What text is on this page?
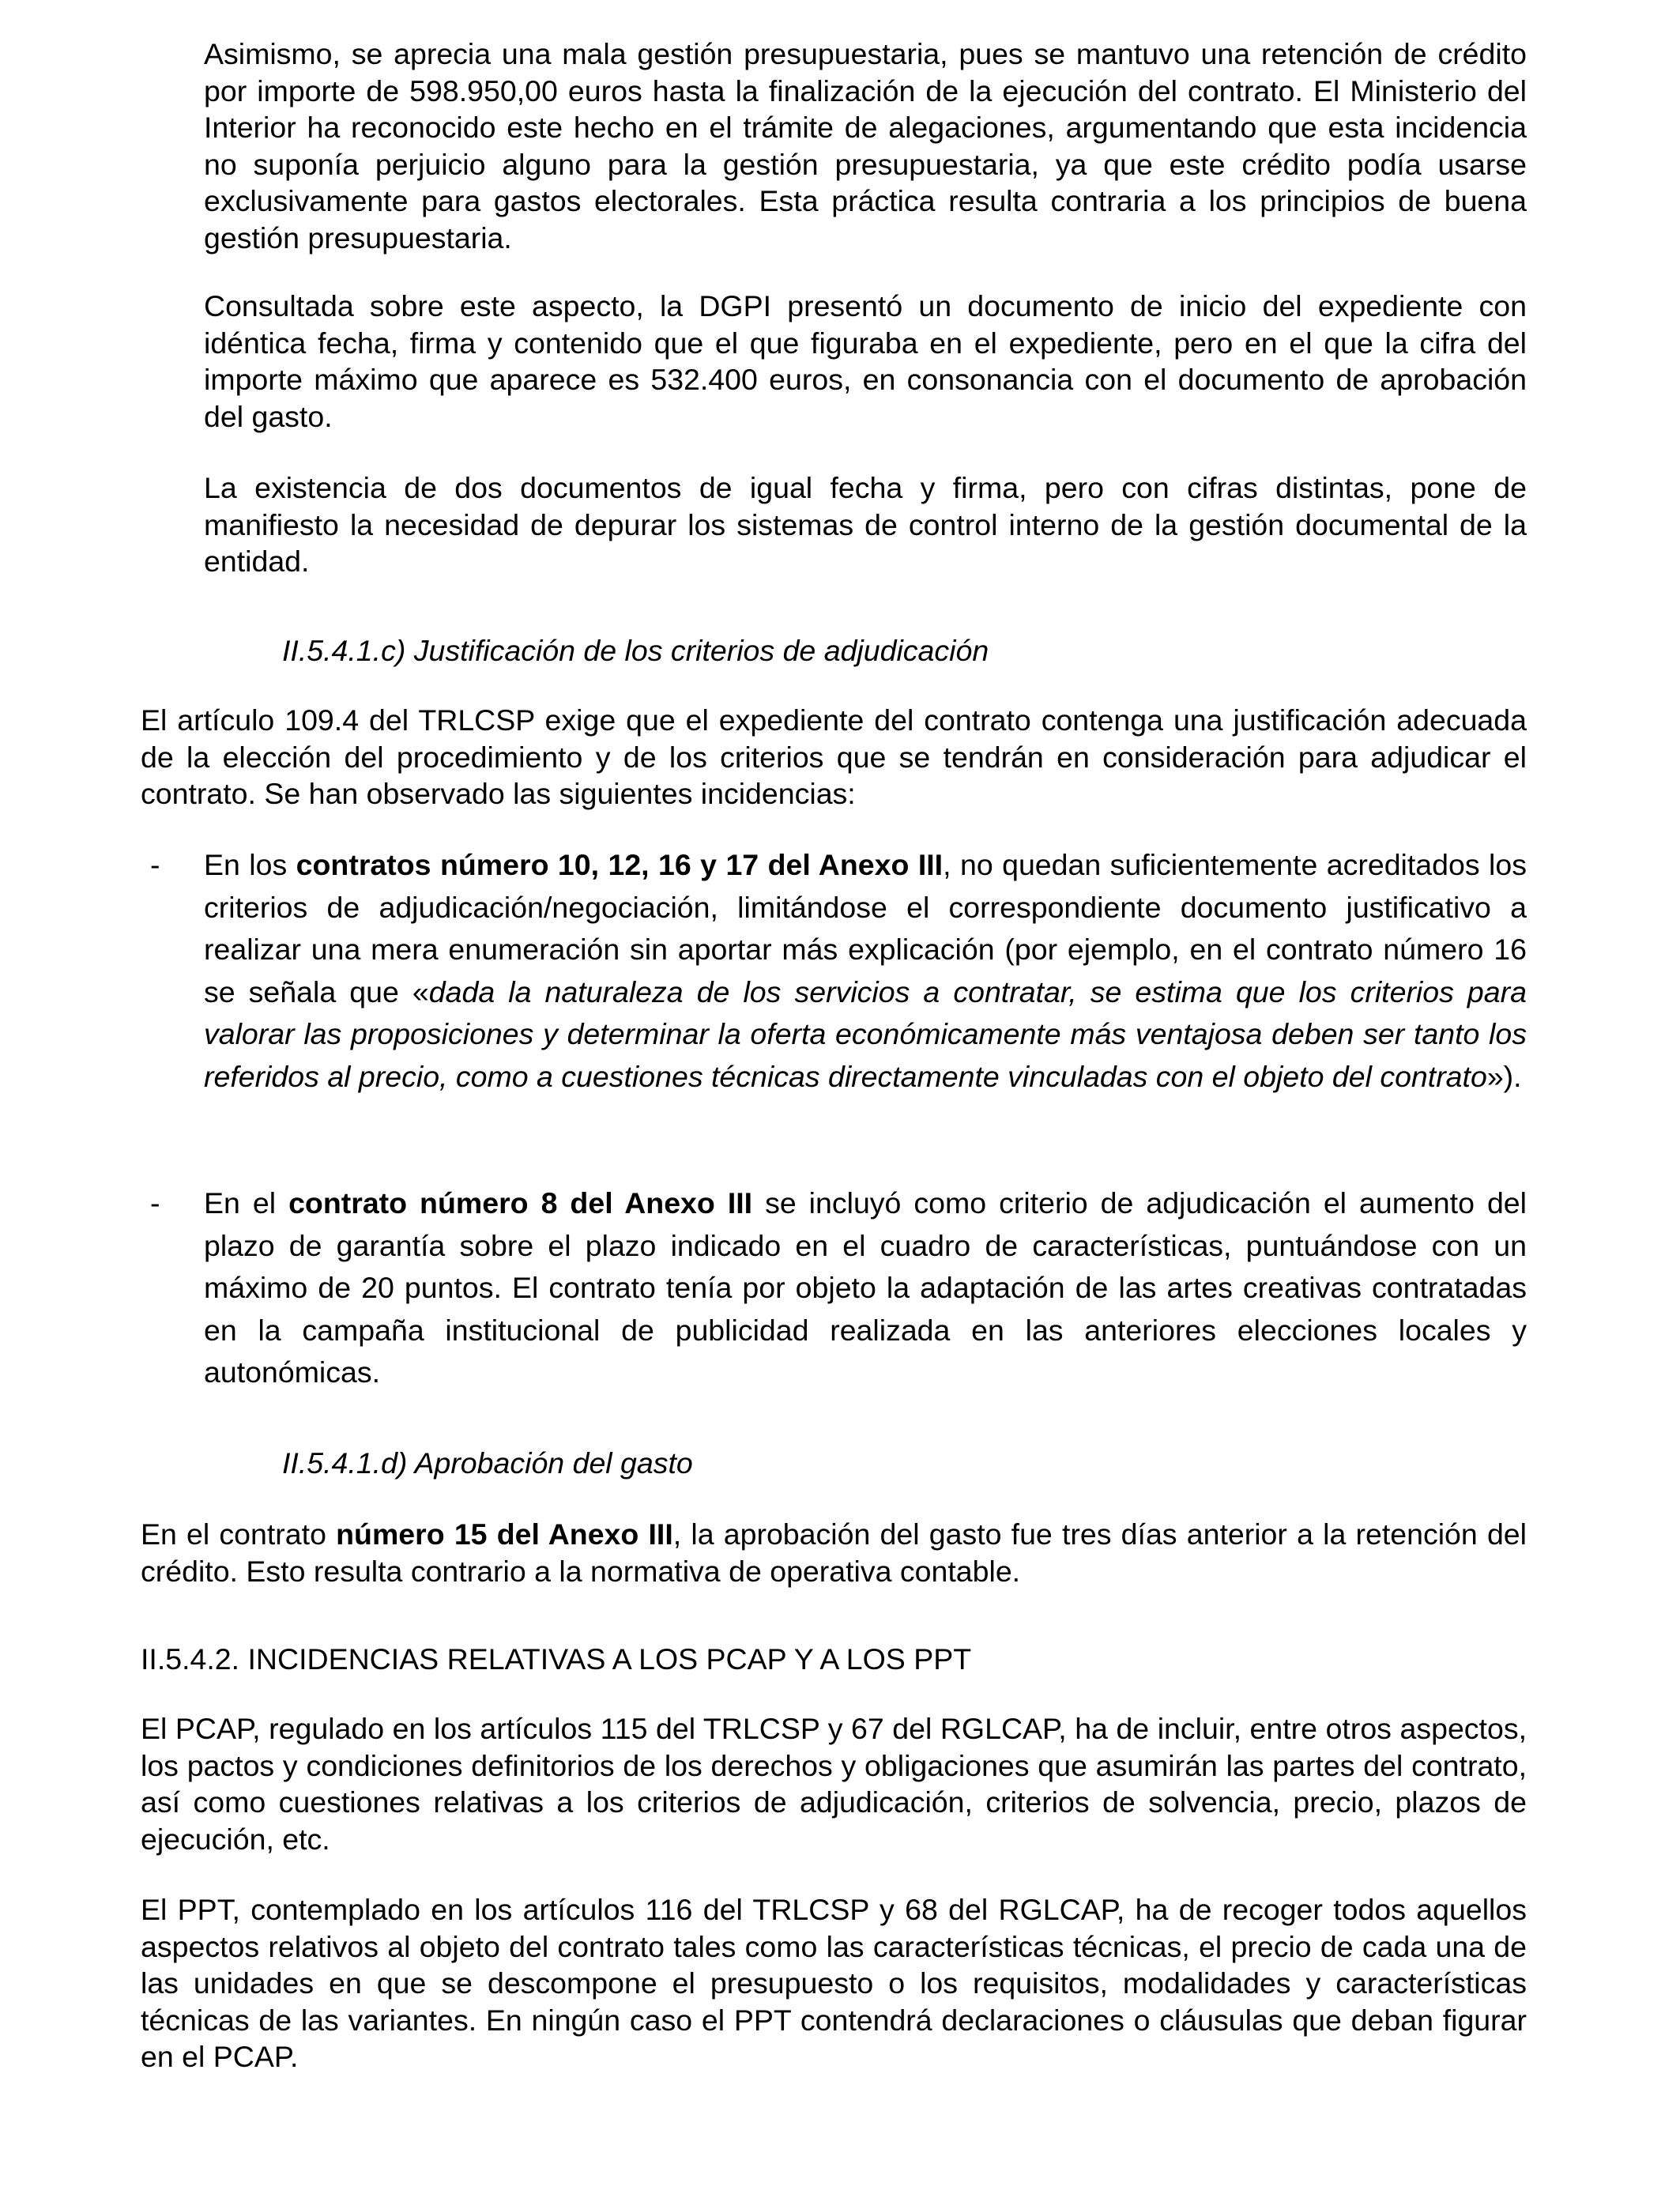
Asimismo, se aprecia una mala gestión presupuestaria, pues se mantuvo una retención de crédito por importe de 598.950,00 euros hasta la finalización de la ejecución del contrato. El Ministerio del Interior ha reconocido este hecho en el trámite de alegaciones, argumentando que esta incidencia no suponía perjuicio alguno para la gestión presupuestaria, ya que este crédito podía usarse exclusivamente para gastos electorales. Esta práctica resulta contraria a los principios de buena gestión presupuestaria.

Consultada sobre este aspecto, la DGPI presentó un documento de inicio del expediente con idéntica fecha, firma y contenido que el que figuraba en el expediente, pero en el que la cifra del importe máximo que aparece es 532.400 euros, en consonancia con el documento de aprobación del gasto.

La existencia de dos documentos de igual fecha y firma, pero con cifras distintas, pone de manifiesto la necesidad de depurar los sistemas de control interno de la gestión documental de la entidad.

II.5.4.1.c) Justificación de los criterios de adjudicación

El artículo 109.4 del TRLCSP exige que el expediente del contrato contenga una justificación adecuada de la elección del procedimiento y de los criterios que se tendrán en consideración para adjudicar el contrato. Se han observado las siguientes incidencias:

- En los contratos número 10, 12, 16 y 17 del Anexo III, no quedan suficientemente acreditados los criterios de adjudicación/negociación, limitándose el correspondiente documento justificativo a realizar una mera enumeración sin aportar más explicación (por ejemplo, en el contrato número 16 se señala que «dada la naturaleza de los servicios a contratar, se estima que los criterios para valorar las proposiciones y determinar la oferta económicamente más ventajosa deben ser tanto los referidos al precio, como a cuestiones técnicas directamente vinculadas con el objeto del contrato»).

- En el contrato número 8 del Anexo III se incluyó como criterio de adjudicación el aumento del plazo de garantía sobre el plazo indicado en el cuadro de características, puntuándose con un máximo de 20 puntos. El contrato tenía por objeto la adaptación de las artes creativas contratadas en la campaña institucional de publicidad realizada en las anteriores elecciones locales y autonómicas.

II.5.4.1.d) Aprobación del gasto

En el contrato número 15 del Anexo III, la aprobación del gasto fue tres días anterior a la retención del crédito. Esto resulta contrario a la normativa de operativa contable.

II.5.4.2. INCIDENCIAS RELATIVAS A LOS PCAP Y A LOS PPT

El PCAP, regulado en los artículos 115 del TRLCSP y 67 del RGLCAP, ha de incluir, entre otros aspectos, los pactos y condiciones definitorios de los derechos y obligaciones que asumirán las partes del contrato, así como cuestiones relativas a los criterios de adjudicación, criterios de solvencia, precio, plazos de ejecución, etc.

El PPT, contemplado en los artículos 116 del TRLCSP y 68 del RGLCAP, ha de recoger todos aquellos aspectos relativos al objeto del contrato tales como las características técnicas, el precio de cada una de las unidades en que se descompone el presupuesto o los requisitos, modalidades y características técnicas de las variantes. En ningún caso el PPT contendrá declaraciones o cláusulas que deban figurar en el PCAP.
